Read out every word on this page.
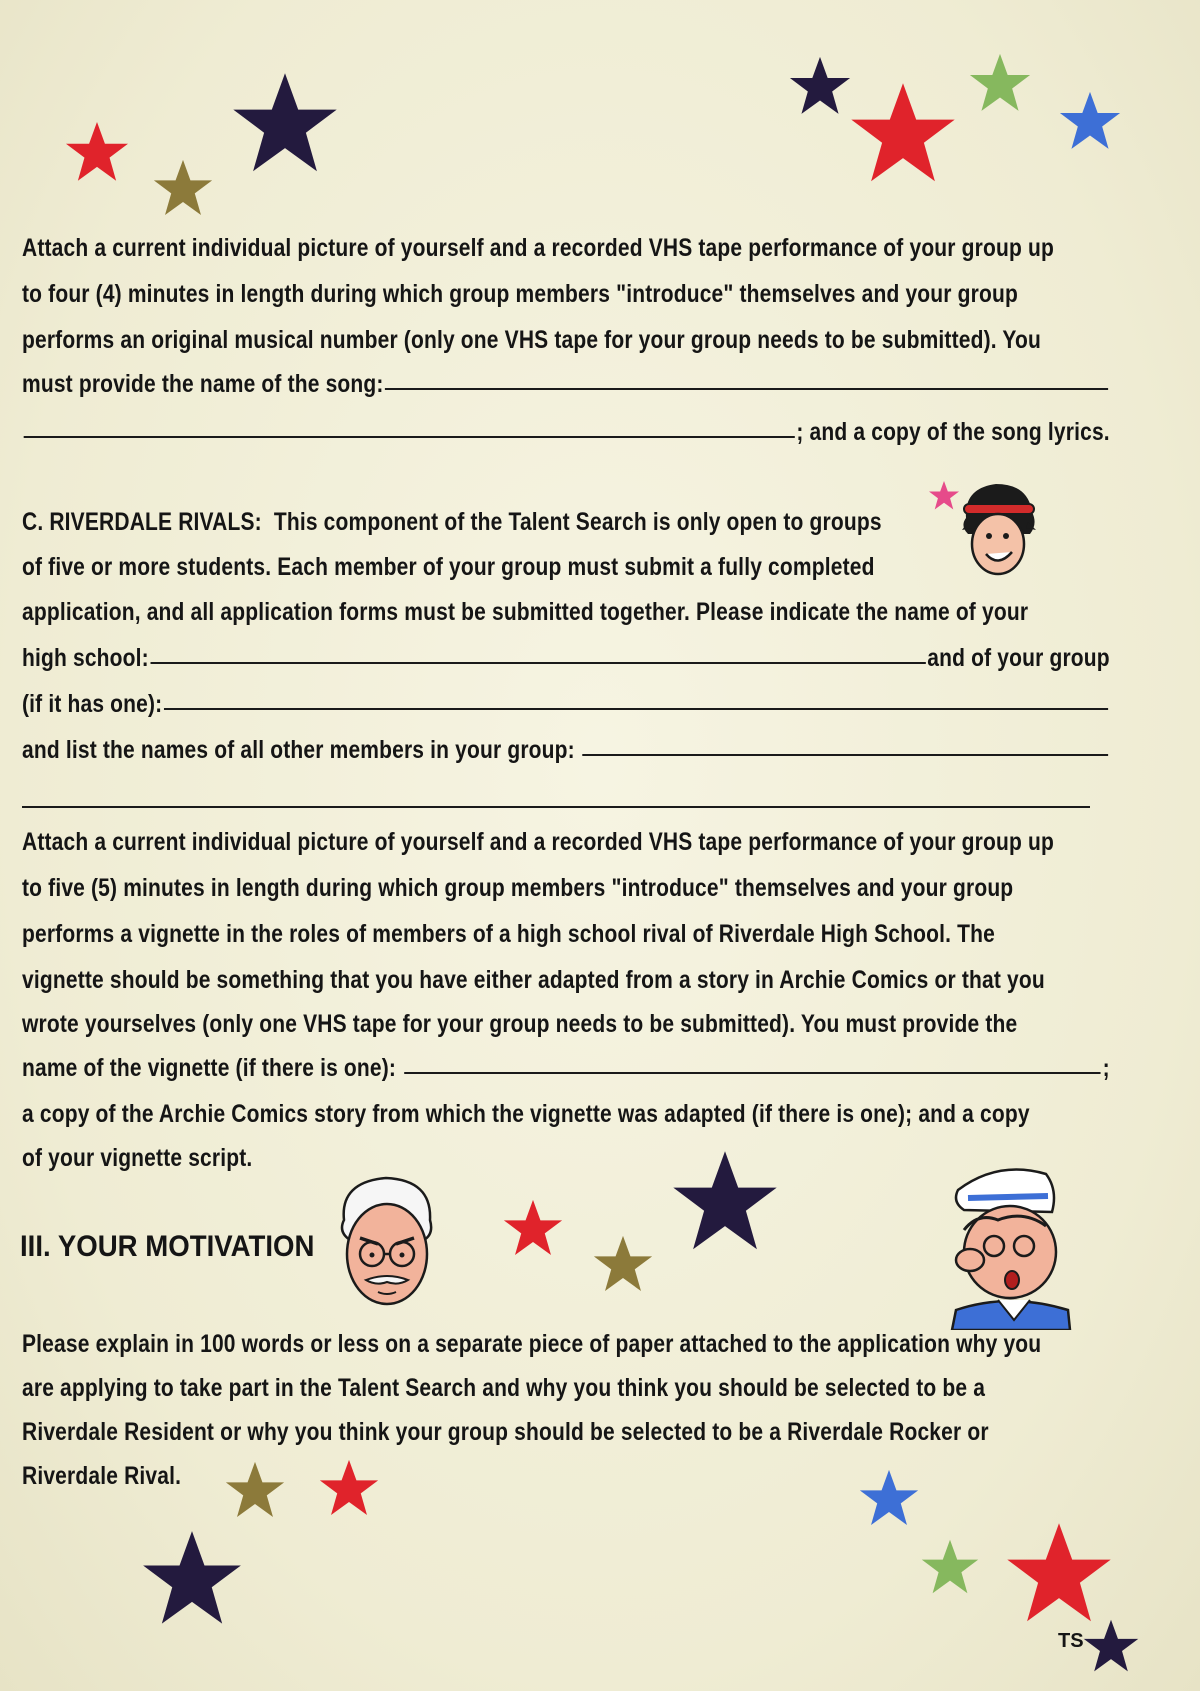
Attach a current individual picture of yourself and a recorded VHS tape performance of your group up
to four (4) minutes in length during which group members "introduce" themselves and your group
performs an original musical number (only one VHS tape for your group needs to be submitted). You
must provide the name of the song:
; and a copy of the song lyrics.
C. RIVERDALE RIVALS:
This component of the Talent Search is only open to groups
of five or more students. Each member of your group must submit a fully completed
application, and all application forms must be submitted together. Please indicate the name of your
high school:	and of your group
(if it has one):
and list the names of all other members in your group:

Attach a current individual picture of yourself and a recorded VHS tape performance of your group up
to five (5) minutes in length during which group members "introduce" themselves and your group
performs a vignette in the roles of members of a high school rival of Riverdale High School. The
vignette should be something that you have either adapted from a story in Archie Comics or that you
wrote yourselves (only one VHS tape for your group needs to be submitted). You must provide the
name of the vignette (if there is one):
	;
a copy of the Archie Comics story from which the vignette was adapted (if there is one); and a copy
of your vignette script.
III. YOUR MOTIVATION
Please explain in 100 words or less on a separate piece of paper attached to the application why you
are applying to take part in the Talent Search and why you think you should be selected to be a
Riverdale Resident or why you think your group should be selected to be a Riverdale Rocker or
Riverdale Rival.
TS
